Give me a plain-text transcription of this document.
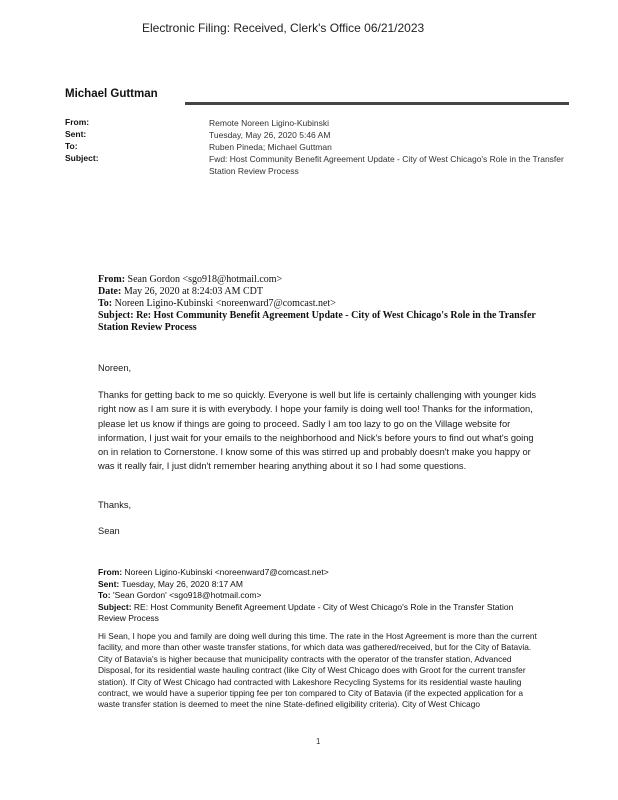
Electronic Filing: Received, Clerk's Office 06/21/2023
Michael Guttman
From:	Remote Noreen Ligino-Kubinski
Sent:	Tuesday, May 26, 2020 5:46 AM
To:	Ruben Pineda; Michael Guttman
Subject:	Fwd: Host Community Benefit Agreement Update - City of West Chicago's Role in the Transfer Station Review Process
From: Sean Gordon <sgo918@hotmail.com>
Date: May 26, 2020 at 8:24:03 AM CDT
To: Noreen Ligino-Kubinski <noreenward7@comcast.net>
Subject: Re: Host Community Benefit Agreement Update - City of West Chicago's Role in the Transfer Station Review Process
Noreen,
Thanks for getting back to me so quickly. Everyone is well but life is certainly challenging with younger kids right now as I am sure it is with everybody. I hope your family is doing well too! Thanks for the information, please let us know if things are going to proceed. Sadly I am too lazy to go on the Village website for information, I just wait for your emails to the neighborhood and Nick's before yours to find out what's going on in relation to Cornerstone. I know some of this was stirred up and probably doesn't make you happy or was it really fair, I just didn't remember hearing anything about it so I had some questions.
Thanks,
Sean
From: Noreen Ligino-Kubinski <noreenward7@comcast.net>
Sent: Tuesday, May 26, 2020 8:17 AM
To: 'Sean Gordon' <sgo918@hotmail.com>
Subject: RE: Host Community Benefit Agreement Update - City of West Chicago's Role in the Transfer Station Review Process
Hi Sean, I hope you and family are doing well during this time. The rate in the Host Agreement is more than the current facility, and more than other waste transfer stations, for which data was gathered/received, but for the City of Batavia. City of Batavia's is higher because that municipality contracts with the operator of the transfer station, Advanced Disposal, for its residential waste hauling contract (like City of West Chicago does with Groot for the current transfer station). If City of West Chicago had contracted with Lakeshore Recycling Systems for its residential waste hauling contract, we would have a superior tipping fee per ton compared to City of Batavia (if the expected application for a waste transfer station is deemed to meet the nine State-defined eligibility criteria). City of West Chicago
1
